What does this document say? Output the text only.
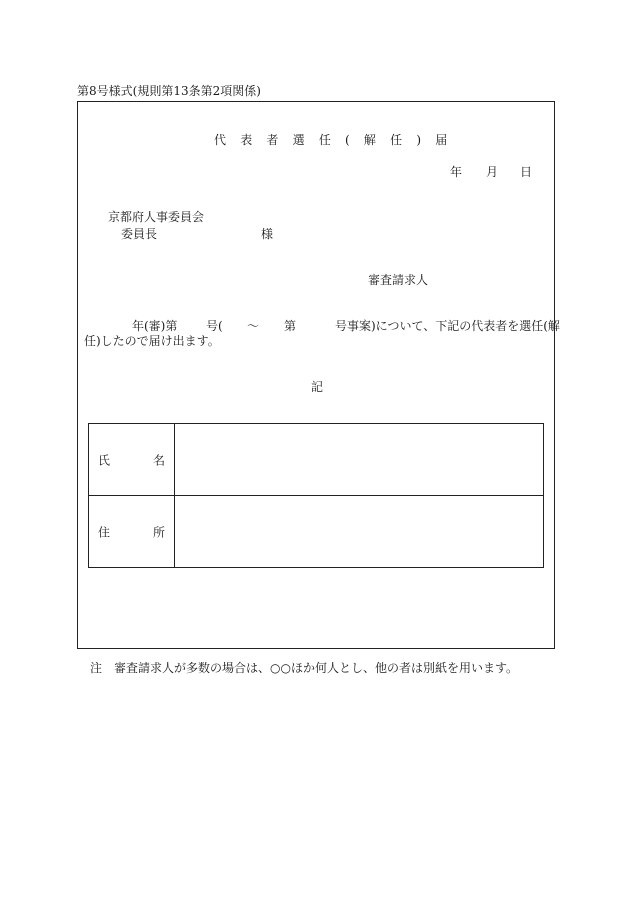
第8号様式(規則第13条第2項関係)
代 表 者 選 任 ( 解 任 ) 届
年 月 日
京都府人事委員会
委員長	様
審査請求人
年(審)第 号( 〜 第	号事案)について、下記の代表者を選任(解
任)したので届け出ます。
記
氏 名	

住 所	

注　審査請求人が多数の場合は、○○ほか何人とし、他の者は別紙を用います。
